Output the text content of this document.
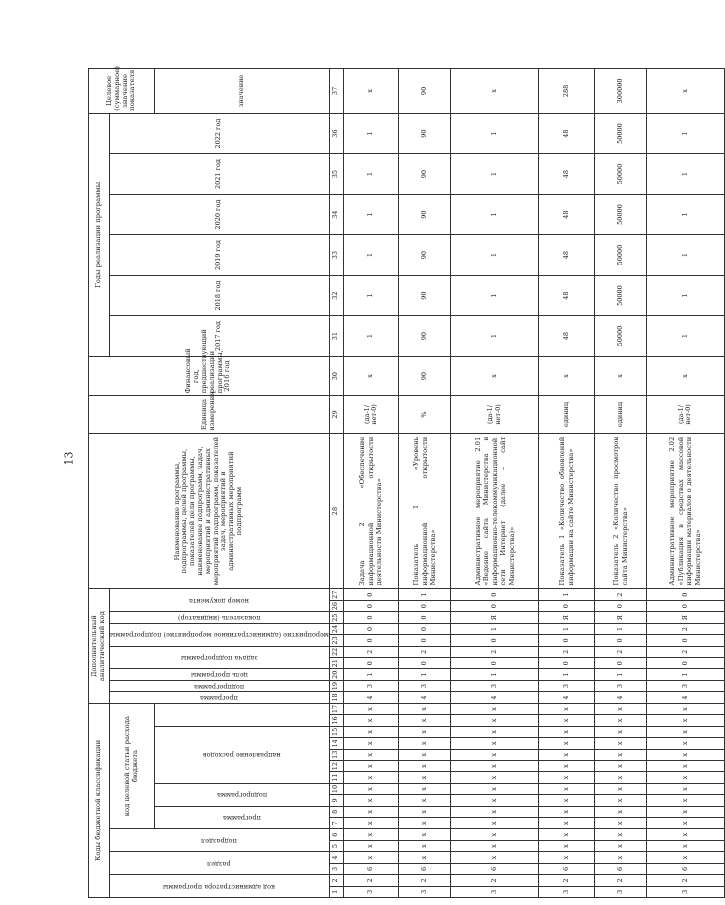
13
Коды бюджетной классификации																	Дополнительный аналитический код										Наименование программы, подпрограммы, целей программы, показателей цели программы, наименование подпрограмм, задач, мероприятий и административных мероприятий подпрограмм, показателей задач, мероприятий и административных мероприятий подпрограмм	Единица измерения	Финансовый год, предшествующий реализации программы, 2016 год	Годы реализации программы						Целевое (суммарное) значение показателя

код администратора программы		раздел		подраздел		код целевой статьи расхода бюджета											программа	подпрограмма	цель программы	задача подпрограммы		мероприятие (административное мероприятие) подпрограммы		показатель (индикатор)	номер документа					2017 год	2018 год	2019 год	2020 год	2021 год	2022 год	

						программа		подпрограмма		направление расходов																										значение
1	2	3	4	5	6	7	8	9	10	11	12	13	14	15	16	17	18	19	20	21	22	23	24	25	26	27	28	29	30	31	32	33	34	35	36	37
3	2	6	x	x	x	x	x	x	x	x	x	x	x	x	x	x	4	3	1	0	2	0	0	0	0	0	Задача 2 «Обеспечение информационной открытости деятельности Министерства»	(да-1/ нет-0)	x	1	1	1	1	1	1	x
3	2	6	x	x	x	x	x	x	x	x	x	x	x	x	x	x	4	3	1	0	2	0	0	0	0	1	Показатель 1 «Уровень информационной открытости Министерства»	%	90	90	90	90	90	90	90	90
3	2	6	x	x	x	x	x	x	x	x	x	x	x	x	x	x	4	3	1	0	2	0	1	Я	0	0	Административное мероприятие 2.01 «Ведение сайта Министерства в информационно-телекоммуникационной сети Интернет (далее – сайт Министерства)»	(да-1/ нет-0)	x	1	1	1	1	1	1	x
3	2	6	x	x	x	x	x	x	x	x	x	x	x	x	x	x	4	3	1	0	2	0	1	Я	0	1	Показатель 1 «Количество обновлений информации на сайте Министерства»	единиц	x	48	48	48	48	48	48	288
3	2	6	x	x	x	x	x	x	x	x	x	x	x	x	x	x	4	3	1	0	2	0	1	Я	0	2	Показатель 2 «Количество просмотров сайта Министерства»	единиц	x	50000	50000	50000	50000	50000	50000	300000
3	2	6	x	x	x	x	x	x	x	x	x	x	x	x	x	x	4	3	1	0	2	0	2	Я	0	0	Административное мероприятие 2.02 «Публикация в средствах массовой информации материалов о деятельности Министерства»	(да-1/ нет-0)	x	1	1	1	1	1	1	x
